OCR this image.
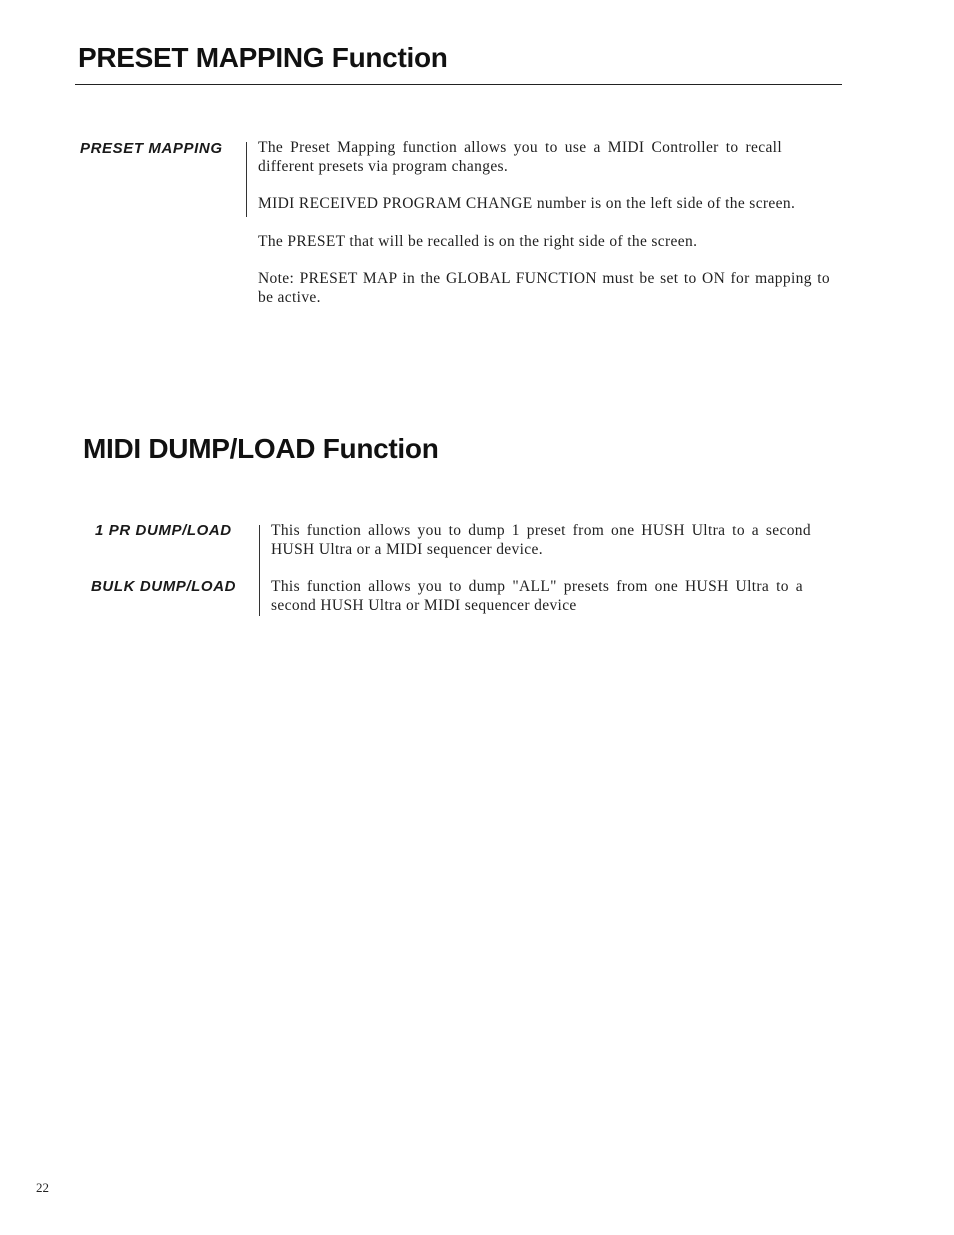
PRESET MAPPING Function
PRESET MAPPING The Preset Mapping function allows you to use a MIDI Controller to recall different presets via program changes.

MIDI RECEIVED PROGRAM CHANGE number is on the left side of the screen.

The PRESET that will be recalled is on the right side of the screen.

Note: PRESET MAP in the GLOBAL FUNCTION must be set to ON for mapping to be active.

MIDI DUMP/LOAD Function
1 PR DUMP/LOAD
BULK DUMP/LOAD

This function allows you to dump 1 preset from one HUSH Ultra to a second HUSH Ultra or a MIDI sequencer device.

This function allows you to dump "ALL" presets from one HUSH Ultra to a second HUSH Ultra or MIDI sequencer device

22
